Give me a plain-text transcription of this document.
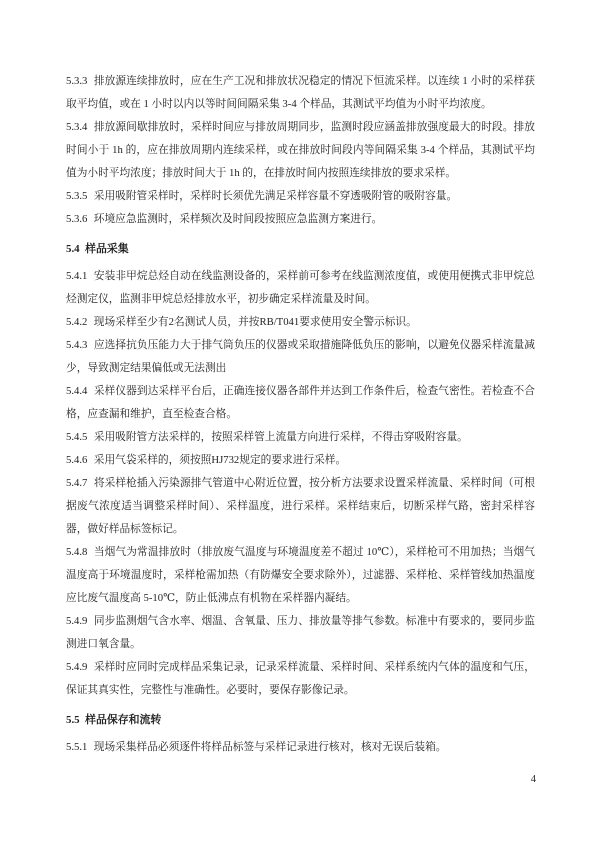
5.3.3 排放源连续排放时，应在生产工况和排放状况稳定的情况下恒流采样。以连续 1 小时的采样获取平均值，或在 1 小时以内以等时间间隔采集 3-4 个样品，其测试平均值为小时平均浓度。

5.3.4 排放源间歇排放时，采样时间应与排放周期同步，监测时段应涵盖排放强度最大的时段。排放时间小于 1h 的，应在排放周期内连续采样，或在排放时间段内等间隔采集 3-4 个样品，其测试平均值为小时平均浓度；排放时间大于 1h 的，在排放时间内按照连续排放的要求采样。

5.3.5 采用吸附管采样时，采样时长须优先满足采样容量不穿透吸附管的吸附容量。

5.3.6 环境应急监测时，采样频次及时间段按照应急监测方案进行。

5.4 样品采集

5.4.1 安装非甲烷总烃自动在线监测设备的，采样前可参考在线监测浓度值，或使用便携式非甲烷总烃测定仪，监测非甲烷总烃排放水平，初步确定采样流量及时间。

5.4.2 现场采样至少有2名测试人员，并按RB/T041要求使用安全警示标识。

5.4.3 应选择抗负压能力大于排气筒负压的仪器或采取措施降低负压的影响，以避免仪器采样流量减少，导致测定结果偏低或无法测出

5.4.4 采样仪器到达采样平台后，正确连接仪器各部件并达到工作条件后，检查气密性。若检查不合格，应查漏和维护，直至检查合格。

5.4.5 采用吸附管方法采样的，按照采样管上流量方向进行采样，不得击穿吸附容量。

5.4.6 采用气袋采样的，须按照HJ732规定的要求进行采样。

5.4.7 将采样枪插入污染源排气管道中心附近位置，按分析方法要求设置采样流量、采样时间（可根据废气浓度适当调整采样时间）、采样温度，进行采样。采样结束后，切断采样气路，密封采样容器，做好样品标签标记。

5.4.8 当烟气为常温排放时（排放废气温度与环境温度差不超过 10℃），采样枪可不用加热；当烟气温度高于环境温度时，采样枪需加热（有防爆安全要求除外），过滤器、采样枪、采样管线加热温度应比废气温度高 5-10℃，防止低沸点有机物在采样器内凝结。

5.4.9 同步监测烟气含水率、烟温、含氧量、压力、排放量等排气参数。标准中有要求的，要同步监测进口氧含量。

5.4.9 采样时应同时完成样品采集记录，记录采样流量、采样时间、采样系统内气体的温度和气压，保证其真实性，完整性与准确性。必要时，要保存影像记录。

5.5 样品保存和流转

5.5.1 现场采集样品必须逐件将样品标签与采样记录进行核对，核对无误后装箱。

4
